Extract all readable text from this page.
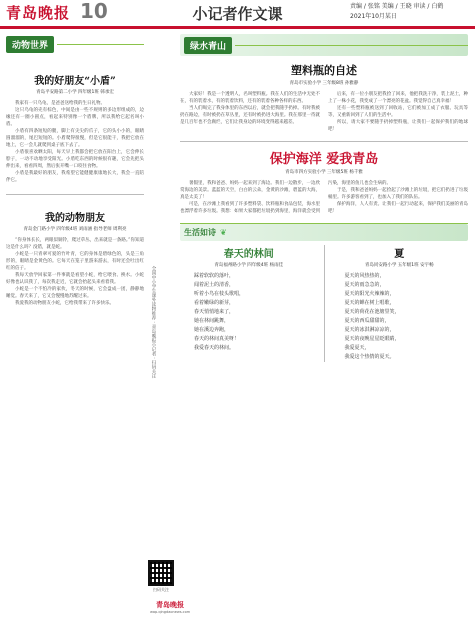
青岛晚报 10	小记者作文课	责编 / 张铭 美编 / 王晓 审读 / 白鹤
2021年10月某日
动物世界
我的好朋友“小盾”
青岛平安路第二小学 四年级1班 韩承宏

我家有一只乌龟，是爸爸送给我的生日礼物。

这只乌龟的壳有棕色，中间是由一些不规则的多边形组成的，边缘还有一圈小圆点，看起来特别像一个盾牌，所以我给它起名叫小盾。

小盾有四条短短的腿，脚上有尖尖的爪子，它的头小小的，眼睛圆溜溜的，尾巴短短的。小盾爬得很慢，但是它很能干，我把它放在地上，它一会儿就爬到桌子底下去了。

小盾很喜欢晒太阳，每天早上我都会把它放在阳台上，它会伸长脖子，一动不动地享受阳光。小盾吃东西的时候很有趣，它会先把头伸出来，看看四周，然后张开嘴一口咬住食物。

小盾是我最好的朋友，我希望它能健健康康地长大，我会一直陪伴它。

我的动物朋友
青岛金门路小学 四年级4班 刘雨涵 指导老师 周利亮

“你身体长长，两眼似铜铃，爬过草丛，出来就是一条路。”你知道这是什么吗？没错，就是蛇。

小蛇是一只青翠可爱的竹叶青，它的身体是碧绿色的，头是三角形的，眼睛是金黄色的。它每天在笼子里游来游去，有时还会吐出红红的信子。

我每天放学回家第一件事就是看望小蛇，给它喂食、换水。小蛇好像也认识我了，每次我走近，它就会抬起头来看着我。

小蛇是一个不怕冷的家伙，冬天的时候，它会盘成一团，静静地睡觉。春天来了，它又会慢慢地苏醒过来。

我爱我的动物朋友小蛇，它给我带来了许多快乐。	全国中小学生课外读物推荐 · 青岛晚报小记者 · 扫码关注
扫码关注
绿水青山
塑料瓶的自述
青岛市实验小学 三年级8班 孙雅静

大家好！我是一个透明人，名叫塑料瓶。我在人们的生活中无处不在，有的装着水，有的装着饮料，还有的装着各种各样的东西。

当人们喝完了我身体里的东西以后，就会把我随手扔掉。有时我被扔在路边，有时被扔在草丛里，还有时被扔进大海里。我在那里一待就是几百年也不会腐烂，它们让我身边的环境变得越来越差。

后来，有一位小朋友把我捡了回来，他把我洗干净，装上泥土，种上了一株小花，我变成了一个漂亮的花盆。我觉得自己真幸福！

还有一些塑料瓶被送到了回收站，它们被加工成了衣服、玩具等等，又重新回到了人们的生活中。

所以，请大家不要随手扔掉塑料瓶，让我们一起保护我们的地球吧！

保护海洋 爱我青岛
青岛市四方实验小学 三年级5班 杨千雅

暑假里，我和爸爸、妈妈一起来到了海边。我们一边散步，一边欣赏海边的美景。蓝蓝的天空，白白的云朵，金黄的沙滩，碧蓝的大海，真是太美了！

可是，在沙滩上我看到了许多塑料袋、饮料瓶和食品包装，海水里也漂浮着许多垃圾。我想：如果大家都把垃圾扔到海里，海洋就会受到污染，海里的鱼儿也会生病的。

于是，我和爸爸妈妈一起捡起了沙滩上的垃圾，把它们扔进了垃圾桶里。许多游客看到了，也加入了我们的队伍。

保护海洋，人人有责。让我们一起行动起来，保护我们美丽的青岛吧！

生活如诗 ❦
春天的林间
青岛福州路小学 四年级4班 杨雨佳
踩着软软的落叶，
闻着泥土的清香，
听着小鸟在枝头歌唱，
看着嫩绿的新芽，
春天悄悄地来了，
她在林间跳舞，
她在溪边奔跑，
春天的林间真美呀！
我爱春天的林间。
夏
青岛同安路小学 五年级1班 安宇畅
夏天的风热热的，
夏天的雨急急的，
夏天的阳光火辣辣的，
夏天的蝉在树上唱歌，
夏天的荷花在池塘里笑，
夏天的西瓜甜甜的，
夏天的冰淇淋凉凉的，
夏天的夜晚星星眨眼睛，
我爱夏天，
我爱这个热情的夏天。
青岛晚报
wap.qingdaonews.com
